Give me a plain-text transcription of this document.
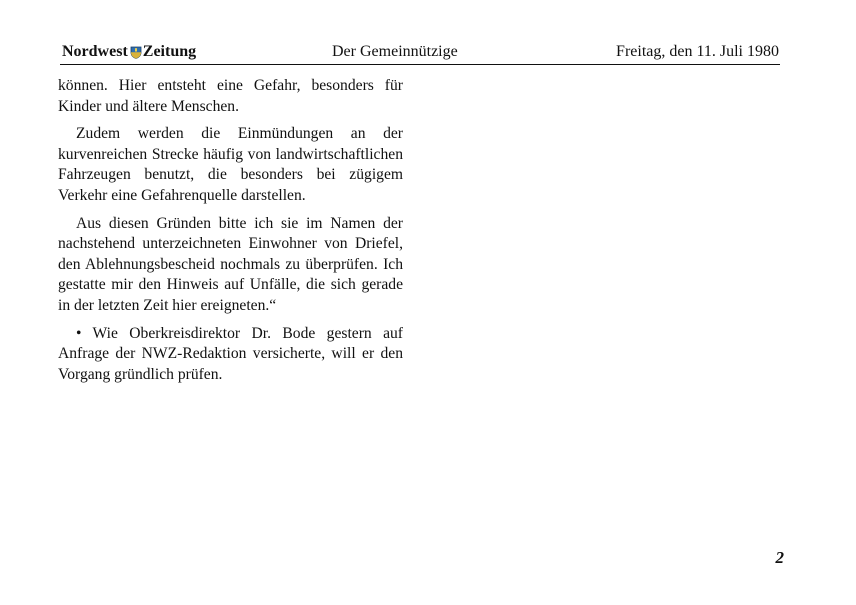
Nordwest Zeitung	Der Gemeinnützige	Freitag, den 11. Juli 1980

können. Hier entsteht eine Gefahr, besonders für Kinder und ältere Menschen.

Zudem werden die Einmündungen an der kurvenreichen Strecke häufig von landwirtschaftlichen Fahrzeugen benutzt, die besonders bei zügigem Verkehr eine Gefahrenquelle darstellen.

Aus diesen Gründen bitte ich sie im Namen der nachstehend unterzeichneten Einwohner von Driefel, den Ablehnungsbescheid nochmals zu überprüfen. Ich gestatte mir den Hinweis auf Unfälle, die sich gerade in der letzten Zeit hier ereigneten.“

• Wie Oberkreisdirektor Dr. Bode gestern auf Anfrage der NWZ-Redaktion versicherte, will er den Vorgang gründlich prüfen.

2
